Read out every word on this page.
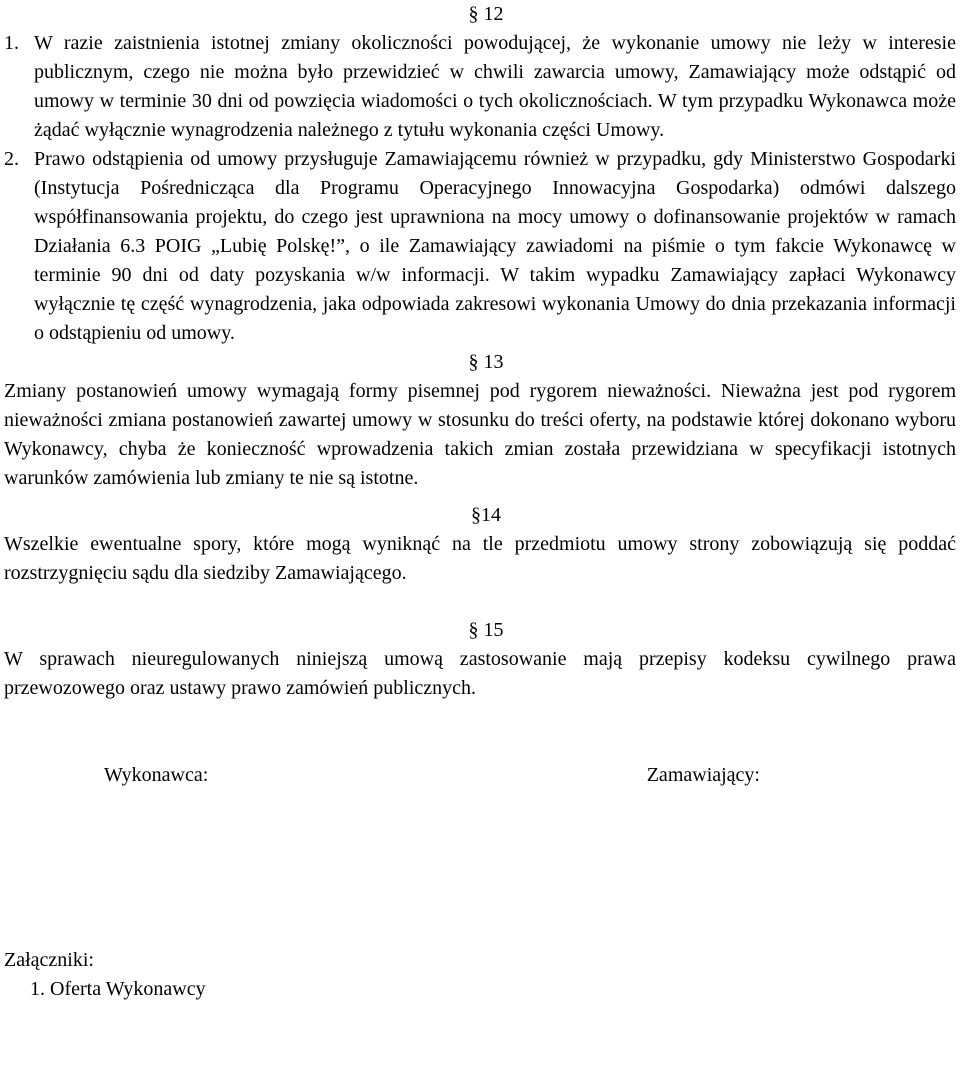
§ 12

1. W razie zaistnienia istotnej zmiany okoliczności powodującej, że wykonanie umowy nie leży w interesie publicznym, czego nie można było przewidzieć w chwili zawarcia umowy, Zamawiający może odstąpić od umowy w terminie 30 dni od powzięcia wiadomości o tych okolicznościach. W tym przypadku Wykonawca może żądać wyłącznie wynagrodzenia należnego z tytułu wykonania części Umowy.
2. Prawo odstąpienia od umowy przysługuje Zamawiającemu również w przypadku, gdy Ministerstwo Gospodarki (Instytucja Pośrednicząca dla Programu Operacyjnego Innowacyjna Gospodarka) odmówi dalszego współfinansowania projektu, do czego jest uprawniona na mocy umowy o dofinansowanie projektów w ramach Działania 6.3 POIG „Lubię Polskę!”, o ile Zamawiający zawiadomi na piśmie o tym fakcie Wykonawcę w terminie 90 dni od daty pozyskania w/w informacji. W takim wypadku Zamawiający zapłaci Wykonawcy wyłącznie tę część wynagrodzenia, jaka odpowiada zakresowi wykonania Umowy do dnia przekazania informacji o odstąpieniu od umowy.

§ 13

Zmiany postanowień umowy wymagają formy pisemnej pod rygorem nieważności. Nieważna jest pod rygorem nieważności zmiana postanowień zawartej umowy w stosunku do treści oferty, na podstawie której dokonano wyboru Wykonawcy, chyba że konieczność wprowadzenia takich zmian została przewidziana w specyfikacji istotnych warunków zamówienia lub zmiany te nie są istotne.

§14

Wszelkie ewentualne spory, które mogą wyniknąć na tle przedmiotu umowy strony zobowiązują się poddać rozstrzygnięciu sądu dla siedziby Zamawiającego.

§ 15

W sprawach nieuregulowanych niniejszą umową zastosowanie mają przepisy kodeksu cywilnego prawa przewozowego oraz ustawy prawo zamówień publicznych.

Wykonawca:	Zamawiający:

Załączniki:

1. Oferta Wykonawcy
